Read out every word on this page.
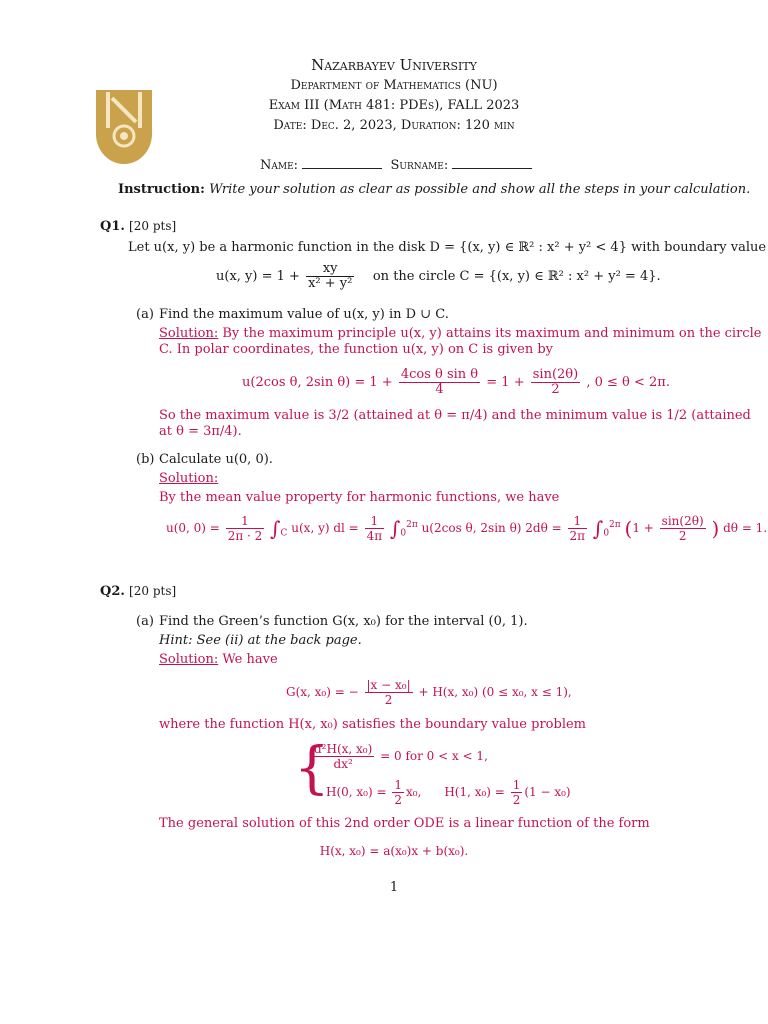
Nazarbayev University
Department of Mathematics (NU)
Exam III (Math 481: PDEs), FALL 2023
Date: Dec. 2, 2023, Duration: 120 min
Name:	Surname:
Instruction: Write your solution as clear as possible and show all the steps in your calculation.
Q1. [20 pts]
Let u(x, y) be a harmonic function in the disk D = {(x, y) ∈ ℝ² : x² + y² < 4} with boundary value
u(x, $y) = 1 + \frac{xy}{\text{x² + y²}}$ on the circle C = {(x, y) ∈ ℝ² : x² + y² = 4}.
(a) Find the maximum value of u(x, y) in D ∪ C.
Solution: By the maximum principle u(x, y) attains its maximum and minimum on the circle
C. In polar coordinates, the function u(x, y) on C is given by
u(2cos θ, 2sin $\theta) = 1 + \frac{\text{4cos θ sin θ}}{4} = 1 + \frac{\sin(2\theta)}{2}$ , 0 ≤ θ < 2π.
So the maximum value is 3/2 (attained at θ = π/4) and the minimum value is 1/2 (attained
at θ = 3π/4).
(b) Calculate u(0, 0).
Solution:
By the mean value property for harmonic functions, we have
u(0, $0) = \frac{1}{2\pi \cdot 2} \int_C$ u(x, y) dl = $\frac{1}{4\pi} \int_0^{2\pi}$ u(2cos θ, 2sin θ) $2d\theta = \frac{1}{2\pi} \int_0^{2\pi}$ ($1 + \frac{\sin(2\theta)}{2}$ ) dθ = 1.
Q2. [20 pts]
(a) Find the Green’s function G(x, x₀) for the interval (0, 1).
Hint: See (ii) at the back page.
Solution: We have
G(x, x₀) = − $\frac{\text{|x − x₀|}}{2} + H(x$, x₀) (0 ≤ x₀, x ≤ 1),
where the function H(x, x₀) satisfies the boundary value problem
{
$\frac{\text{d²H(x, x₀)}}{\text{dx²}} = 0$ for 0 < x < 1,
H(0, $x_0) = \frac{1}{2} x_0$, H(1, $x_0) = \frac{1}{2} (1 - x_0)$
The general solution of this 2nd order ODE is a linear function of the form
H(x, x₀) = a(x₀)x + b(x₀).
1
